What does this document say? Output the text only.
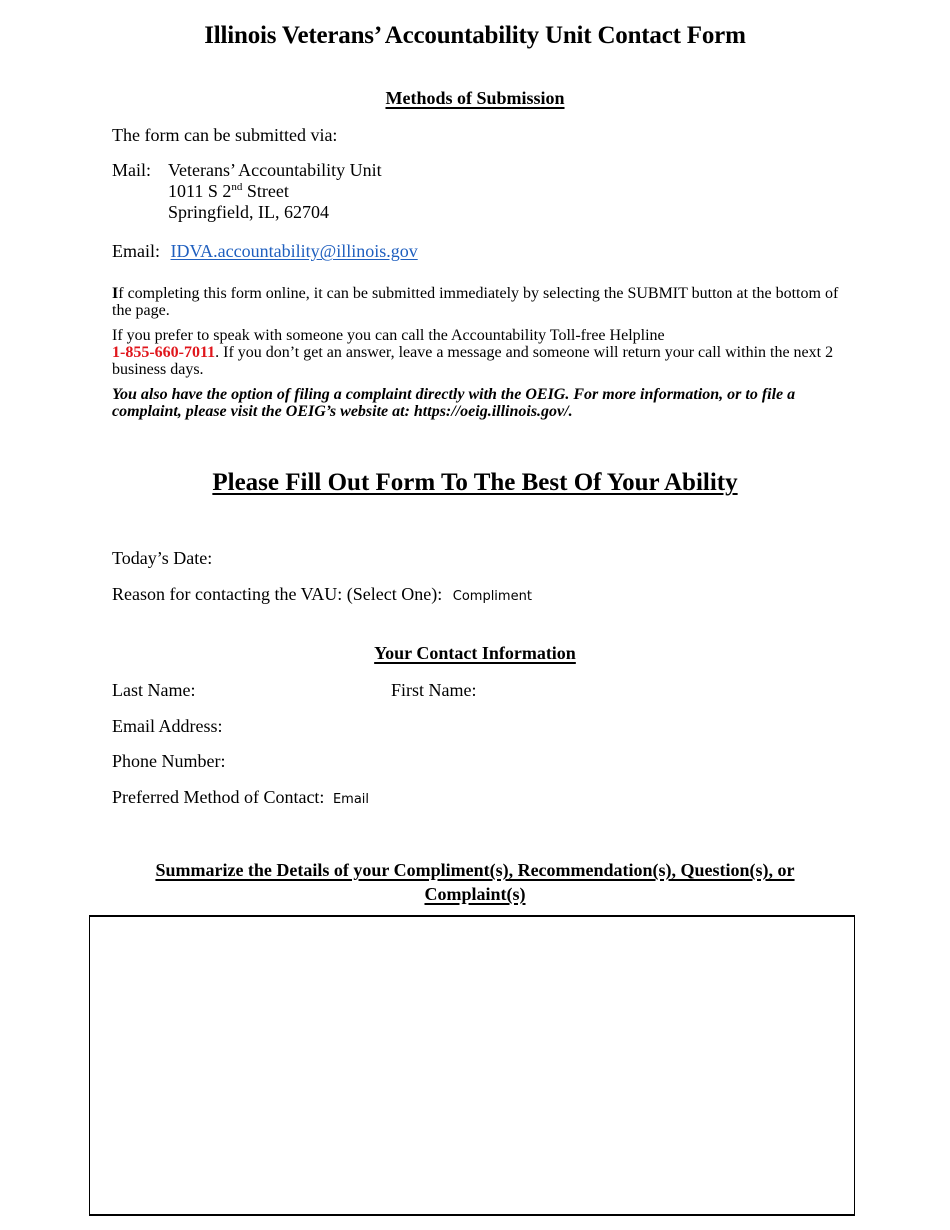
Illinois Veterans’ Accountability Unit Contact Form
Methods of Submission
The form can be submitted via:
Mail: Veterans’ Accountability Unit
1011 S 2nd Street
Springfield, IL, 62704
Email: IDVA.accountability@illinois.gov
If completing this form online, it can be submitted immediately by selecting the SUBMIT button at the bottom of the page.
If you prefer to speak with someone you can call the Accountability Toll-free Helpline
1-855-660-7011. If you don’t get an answer, leave a message and someone will return your call within the next 2 business days.
You also have the option of filing a complaint directly with the OEIG. For more information, or to file a complaint, please visit the OEIG’s website at: https://oeig.illinois.gov/.
Please Fill Out Form To The Best Of Your Ability
Today’s Date:
Reason for contacting the VAU: (Select One): Compliment
Your Contact Information
Last Name:	First Name:
Email Address:
Phone Number:
Preferred Method of Contact: Email
Summarize the Details of your Compliment(s), Recommendation(s), Question(s), or
Complaint(s)
